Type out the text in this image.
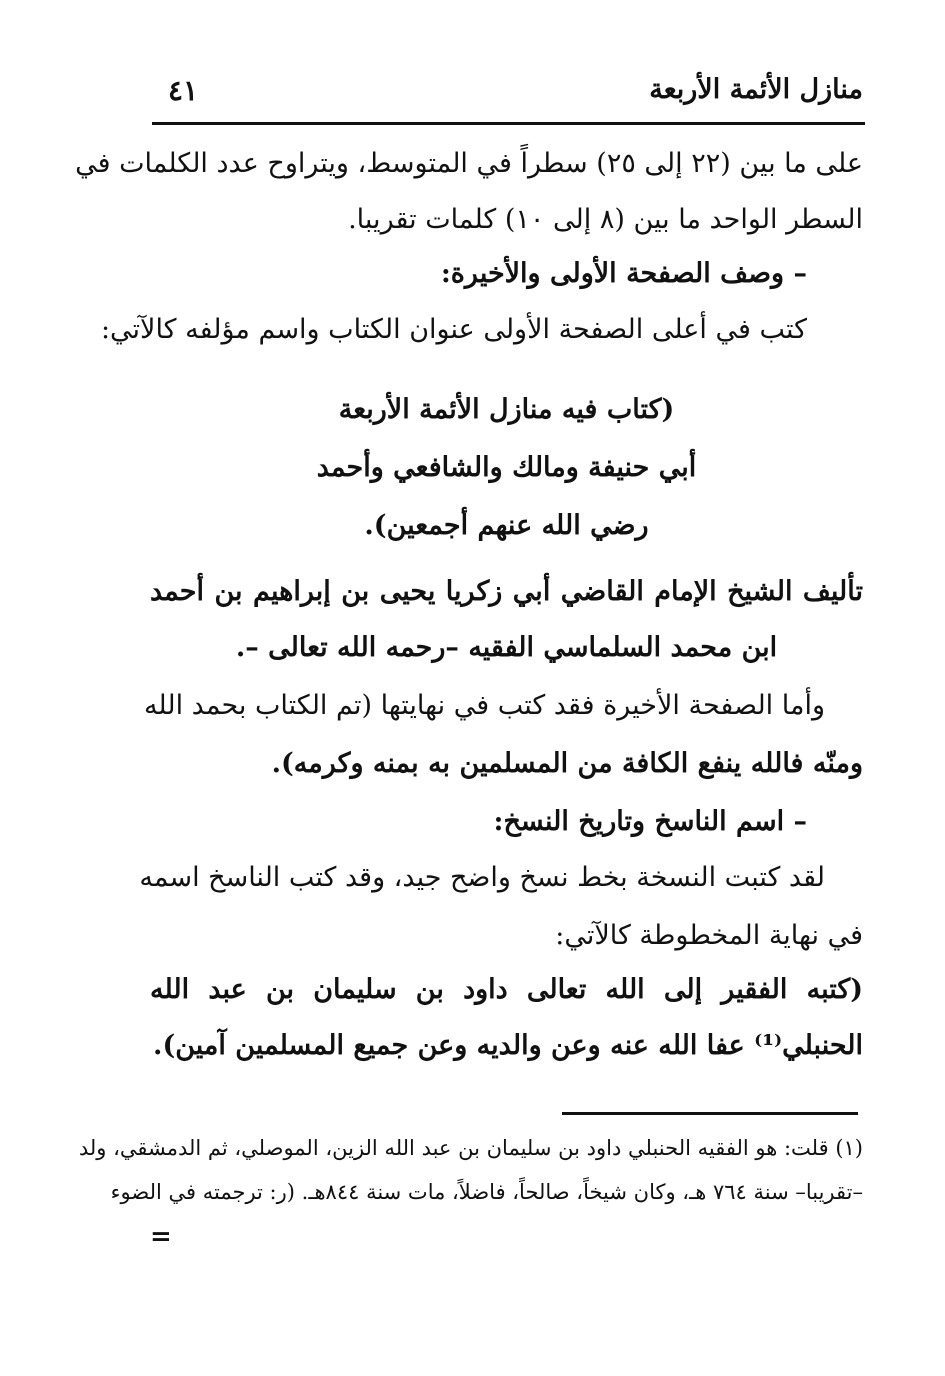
منازل الأئمة الأربعة
٤١
على ما بين (٢٢ إلى ٢٥) سطراً في المتوسط، ويتراوح عدد الكلمات في
السطر الواحد ما بين (٨ إلى ١٠) كلمات تقريبا.
– وصف الصفحة الأولى والأخيرة:
كتب في أعلى الصفحة الأولى عنوان الكتاب واسم مؤلفه كالآتي:
(كتاب فيه منازل الأئمة الأربعة
أبي حنيفة ومالك والشافعي وأحمد
رضي الله عنهم أجمعين).
تأليف الشيخ الإمام القاضي أبي زكريا يحيى بن إبراهيم بن أحمد
ابن محمد السلماسي الفقيه –رحمه الله تعالى –.
وأما الصفحة الأخيرة فقد كتب في نهايتها (تم الكتاب بحمد الله
ومنّه فالله ينفع الكافة من المسلمين به بمنه وكرمه).
– اسم الناسخ وتاريخ النسخ:
لقد كتبت النسخة بخط نسخ واضح جيد، وقد كتب الناسخ اسمه
في نهاية المخطوطة كالآتي:
(كتبه الفقير إلى الله تعالى داود بن سليمان بن عبد الله
الحنبلي⁽¹⁾ عفا الله عنه وعن والديه وعن جميع المسلمين آمين).
(١) قلت: هو الفقيه الحنبلي داود بن سليمان بن عبد الله الزين، الموصلي، ثم الدمشقي، ولد
–تقريبا– سنة ٧٦٤ هـ، وكان شيخاً، صالحاً، فاضلاً، مات سنة ٨٤٤هـ. (ر: ترجمته في الضوء
=
